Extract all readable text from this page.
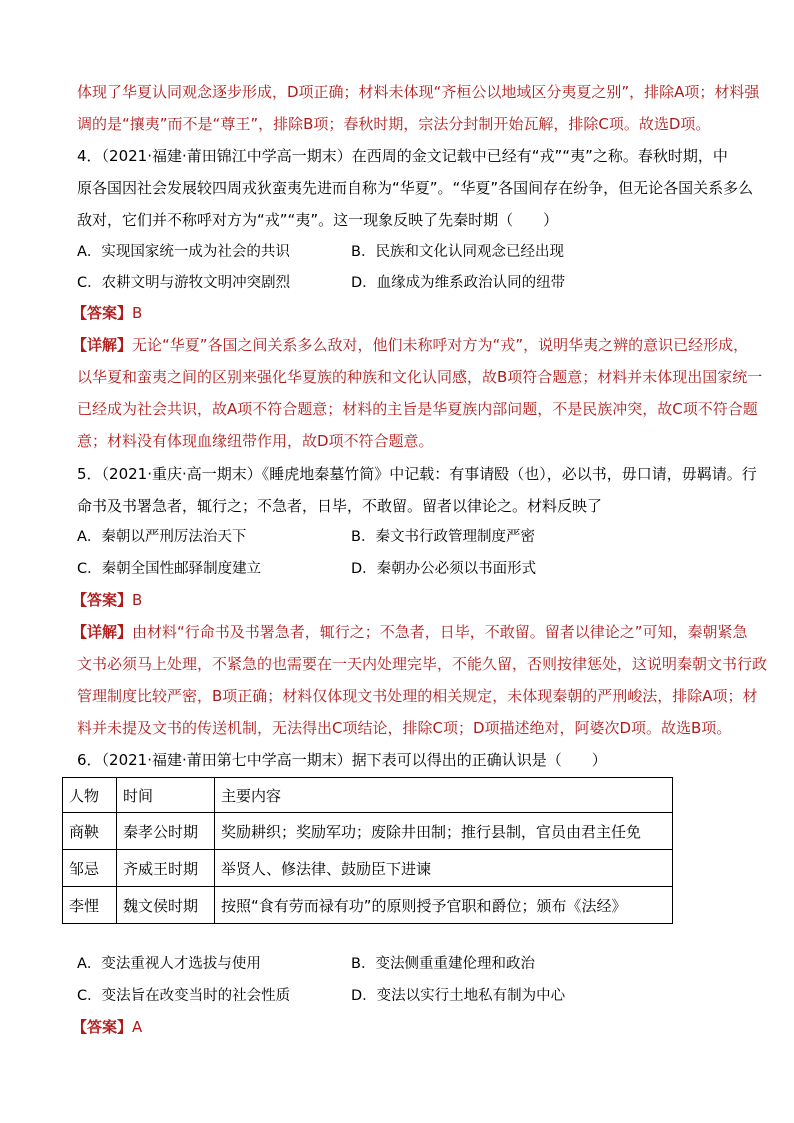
体现了华夏认同观念逐步形成，D项正确；材料未体现“齐桓公以地域区分夷夏之别”，排除A项；材料强
调的是“攘夷”而不是“尊王”，排除B项；春秋时期，宗法分封制开始瓦解，排除C项。故选D项。
4．（2021·福建·莆田锦江中学高一期末）在西周的金文记载中已经有“戎”“夷”之称。春秋时期，中
原各国因社会发展较四周戎狄蛮夷先进而自称为“华夏”。“华夏”各国间存在纷争，但无论各国关系多么
敌对，它们并不称呼对方为“戎”“夷”。这一现象反映了先秦时期（　　）
A．实现国家统一成为社会的共识	B．民族和文化认同观念已经出现
C．农耕文明与游牧文明冲突剧烈	D．血缘成为维系政治认同的纽带
【答案】B
【详解】无论“华夏”各国之间关系多么敌对，他们未称呼对方为“戎”，说明华夷之辨的意识已经形成，
以华夏和蛮夷之间的区别来强化华夏族的种族和文化认同感，故B项符合题意；材料并未体现出国家统一
已经成为社会共识，故A项不符合题意；材料的主旨是华夏族内部问题，不是民族冲突，故C项不符合题
意；材料没有体现血缘纽带作用，故D项不符合题意。
5．（2021·重庆·高一期末）《睡虎地秦墓竹简》中记载：有事请殹（也），必以书，毋口请，毋羁请。行
命书及书署急者，辄行之；不急者，日毕，不敢留。留者以律论之。材料反映了
A．秦朝以严刑厉法治天下	B．秦文书行政管理制度严密
C．秦朝全国性邮驿制度建立	D．秦朝办公必须以书面形式
【答案】B
【详解】由材料“行命书及书署急者，辄行之；不急者，日毕，不敢留。留者以律论之”可知，秦朝紧急
文书必须马上处理，不紧急的也需要在一天内处理完毕，不能久留，否则按律惩处，这说明秦朝文书行政
管理制度比较严密，B项正确；材料仅体现文书处理的相关规定，未体现秦朝的严刑峻法，排除A项；材
料并未提及文书的传送机制，无法得出C项结论，排除C项；D项描述绝对，阿婆次D项。故选B项。
6．（2021·福建·莆田第七中学高一期末）据下表可以得出的正确认识是（　　）
人物	时间	主要内容
商鞅	秦孝公时期	奖励耕织；奖励军功；废除井田制；推行县制，官员由君主任免
邹忌	齐威王时期	举贤人、修法律、鼓励臣下进谏
李悝	魏文侯时期	按照“食有劳而禄有功”的原则授予官职和爵位；颁布《法经》
A．变法重视人才选拔与使用	B．变法侧重重建伦理和政治
C．变法旨在改变当时的社会性质	D．变法以实行土地私有制为中心
【答案】A
